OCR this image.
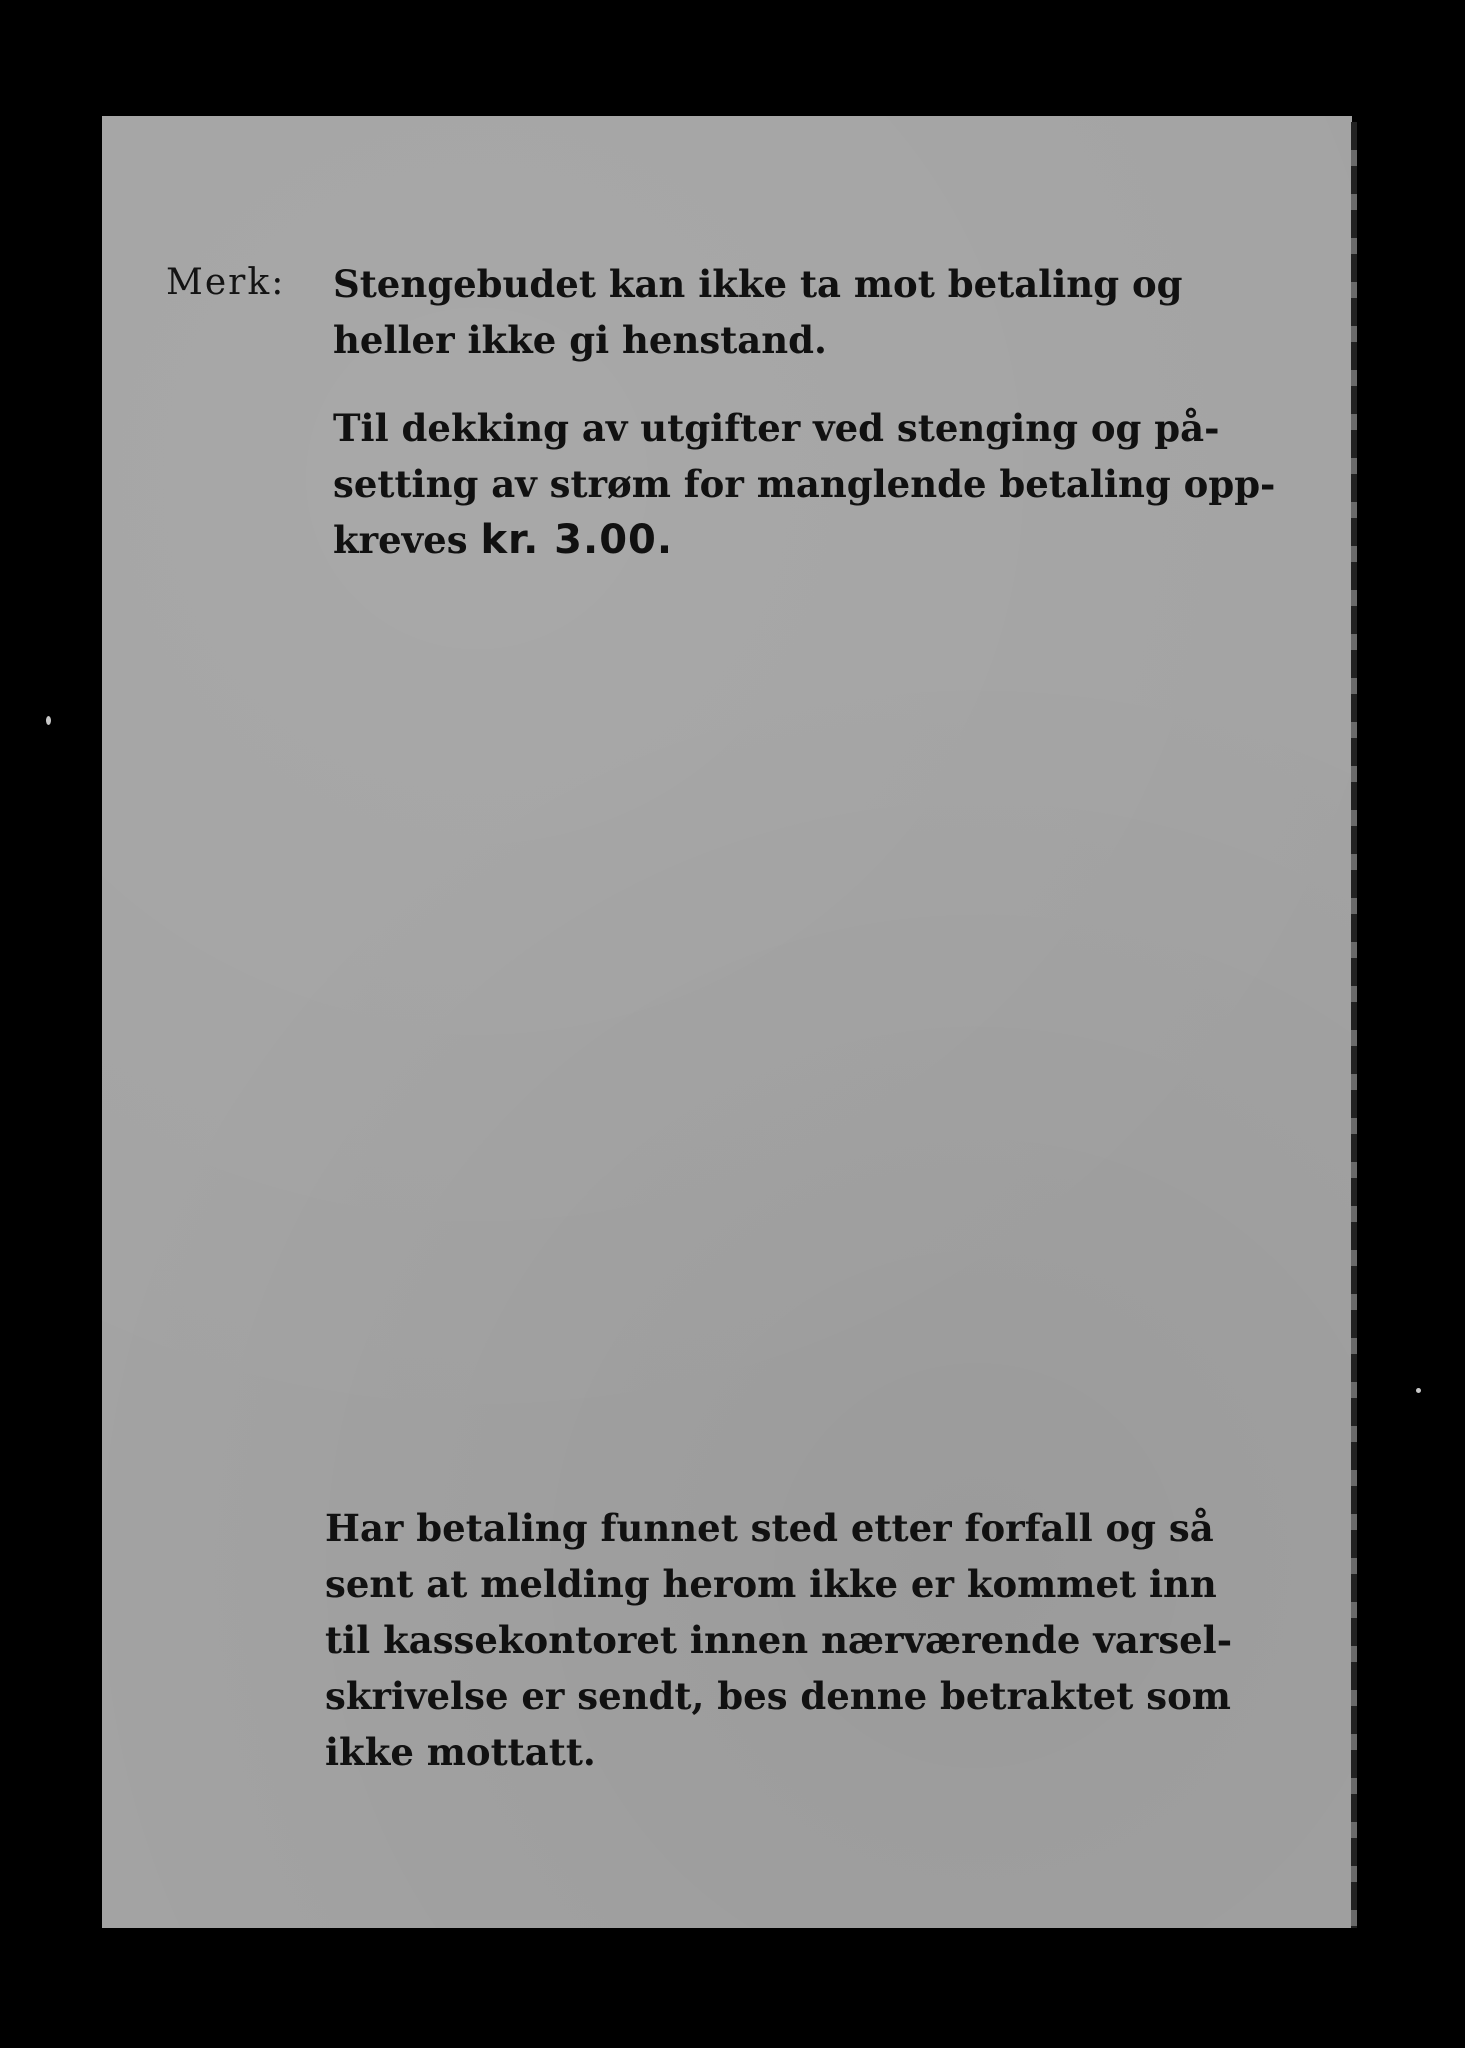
Merk: Stengebudet kan ikke ta mot betaling og
heller ikke gi henstand.

Til dekking av utgifter ved stenging og på-
setting av strøm for manglende betaling opp-
kreves kr. 3.00.

Har betaling funnet sted etter forfall og så
sent at melding herom ikke er kommet inn
til kassekontoret innen nærværende varsel-
skrivelse er sendt, bes denne betraktet som
ikke mottatt.
